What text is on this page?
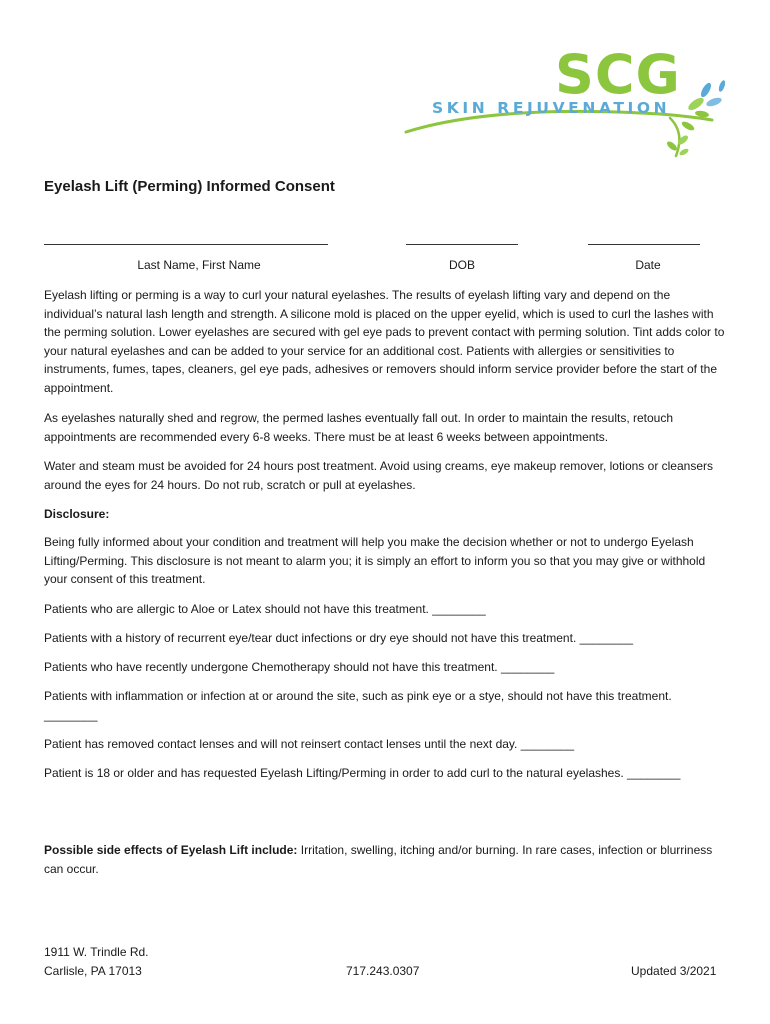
SCG
SKIN REJUVENATION
Eyelash Lift (Perming) Informed Consent
Last Name, First Name	DOB	Date

Eyelash lifting or perming is a way to curl your natural eyelashes. The results of eyelash lifting vary and depend on the individual’s natural lash length and strength. A silicone mold is placed on the upper eyelid, which is used to curl the lashes with the perming solution. Lower eyelashes are secured with gel eye pads to prevent contact with perming solution. Tint adds color to your natural eyelashes and can be added to your service for an additional cost. Patients with allergies or sensitivities to instruments, fumes, tapes, cleaners, gel eye pads, adhesives or removers should inform service provider before the start of the appointment.

As eyelashes naturally shed and regrow, the permed lashes eventually fall out. In order to maintain the results, retouch appointments are recommended every 6-8 weeks. There must be at least 6 weeks between appointments.

Water and steam must be avoided for 24 hours post treatment. Avoid using creams, eye makeup remover, lotions or cleansers around the eyes for 24 hours. Do not rub, scratch or pull at eyelashes.

Disclosure:

Being fully informed about your condition and treatment will help you make the decision whether or not to undergo Eyelash Lifting/Perming. This disclosure is not meant to alarm you; it is simply an effort to inform you so that you may give or withhold your consent of this treatment.

Patients who are allergic to Aloe or Latex should not have this treatment. ________

Patients with a history of recurrent eye/tear duct infections or dry eye should not have this treatment. ________

Patients who have recently undergone Chemotherapy should not have this treatment. ________

Patients with inflammation or infection at or around the site, such as pink eye or a stye, should not have this treatment. ________

Patient has removed contact lenses and will not reinsert contact lenses until the next day. ________

Patient is 18 or older and has requested Eyelash Lifting/Perming in order to add curl to the natural eyelashes. ________

Possible side effects of Eyelash Lift include: Irritation, swelling, itching and/or burning. In rare cases, infection or blurriness can occur.

1911 W. Trindle Rd.
Carlisle, PA 17013	717.243.0307	Updated 3/2021
